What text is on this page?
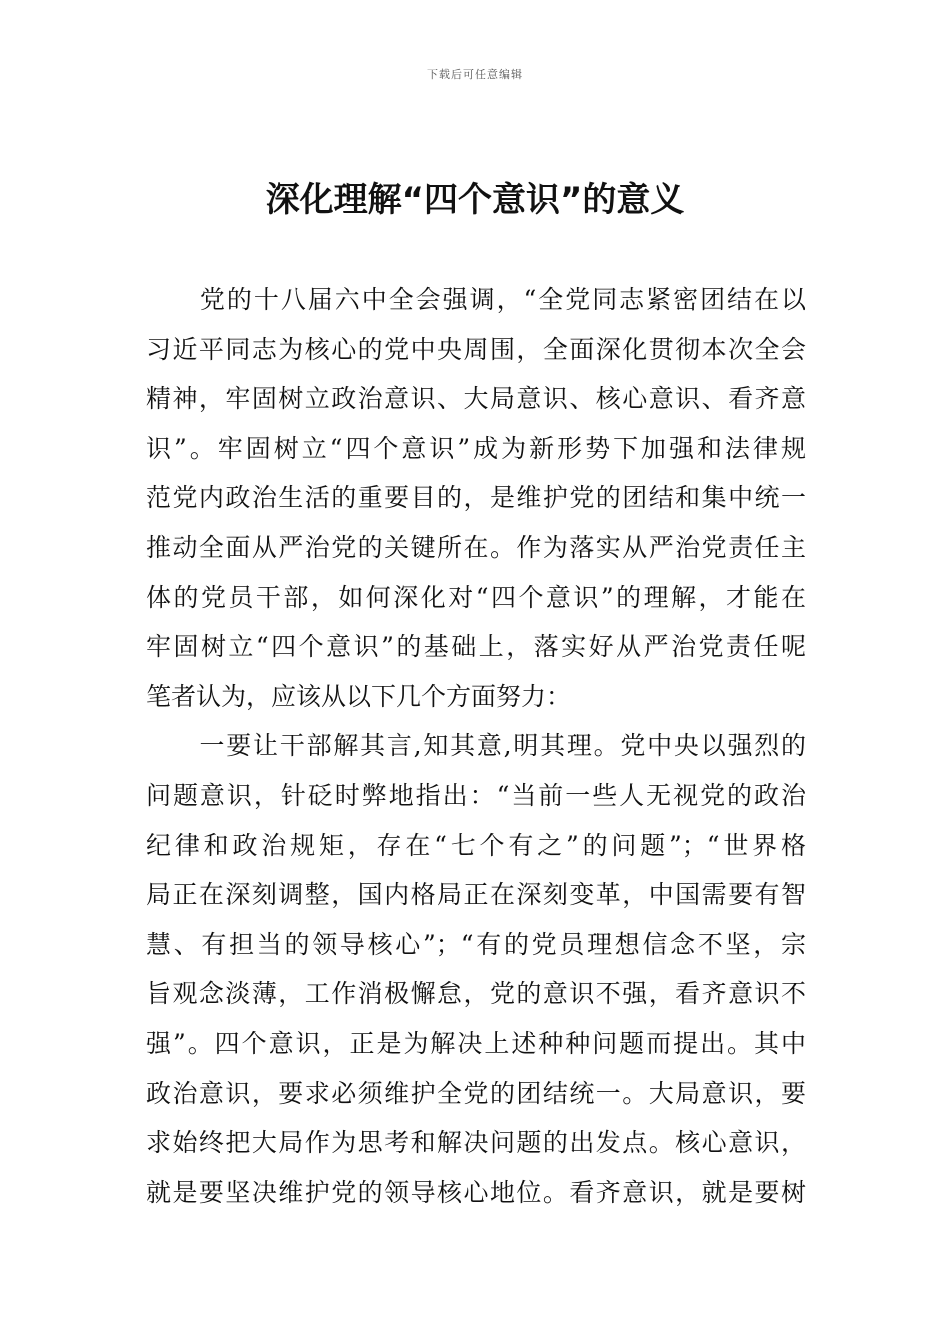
下载后可任意编辑
深化理解“四个意识”的意义
　　党的十八届六中全会强调，“全党同志紧密团结在以
习近平同志为核心的党中央周围，全面深化贯彻本次全会
精神，牢固树立政治意识、大局意识、核心意识、看齐意
识”。牢固树立“四个意识”成为新形势下加强和法律规
范党内政治生活的重要目的，是维护党的团结和集中统一
推动全面从严治党的关键所在。作为落实从严治党责任主
体的党员干部，如何深化对“四个意识”的理解，才能在
牢固树立“四个意识”的基础上，落实好从严治党责任呢
笔者认为，应该从以下几个方面努力：
　　一要让干部解其言,知其意,明其理。党中央以强烈的
问题意识，针砭时弊地指出：“当前一些人无视党的政治
纪律和政治规矩，存在“七个有之”的问题”；“世界格
局正在深刻调整，国内格局正在深刻变革，中国需要有智
慧、有担当的领导核心”；“有的党员理想信念不坚，宗
旨观念淡薄，工作消极懈怠，党的意识不强，看齐意识不
强”。四个意识，正是为解决上述种种问题而提出。其中
政治意识，要求必须维护全党的团结统一。大局意识，要
求始终把大局作为思考和解决问题的出发点。核心意识，
就是要坚决维护党的领导核心地位。看齐意识，就是要树
